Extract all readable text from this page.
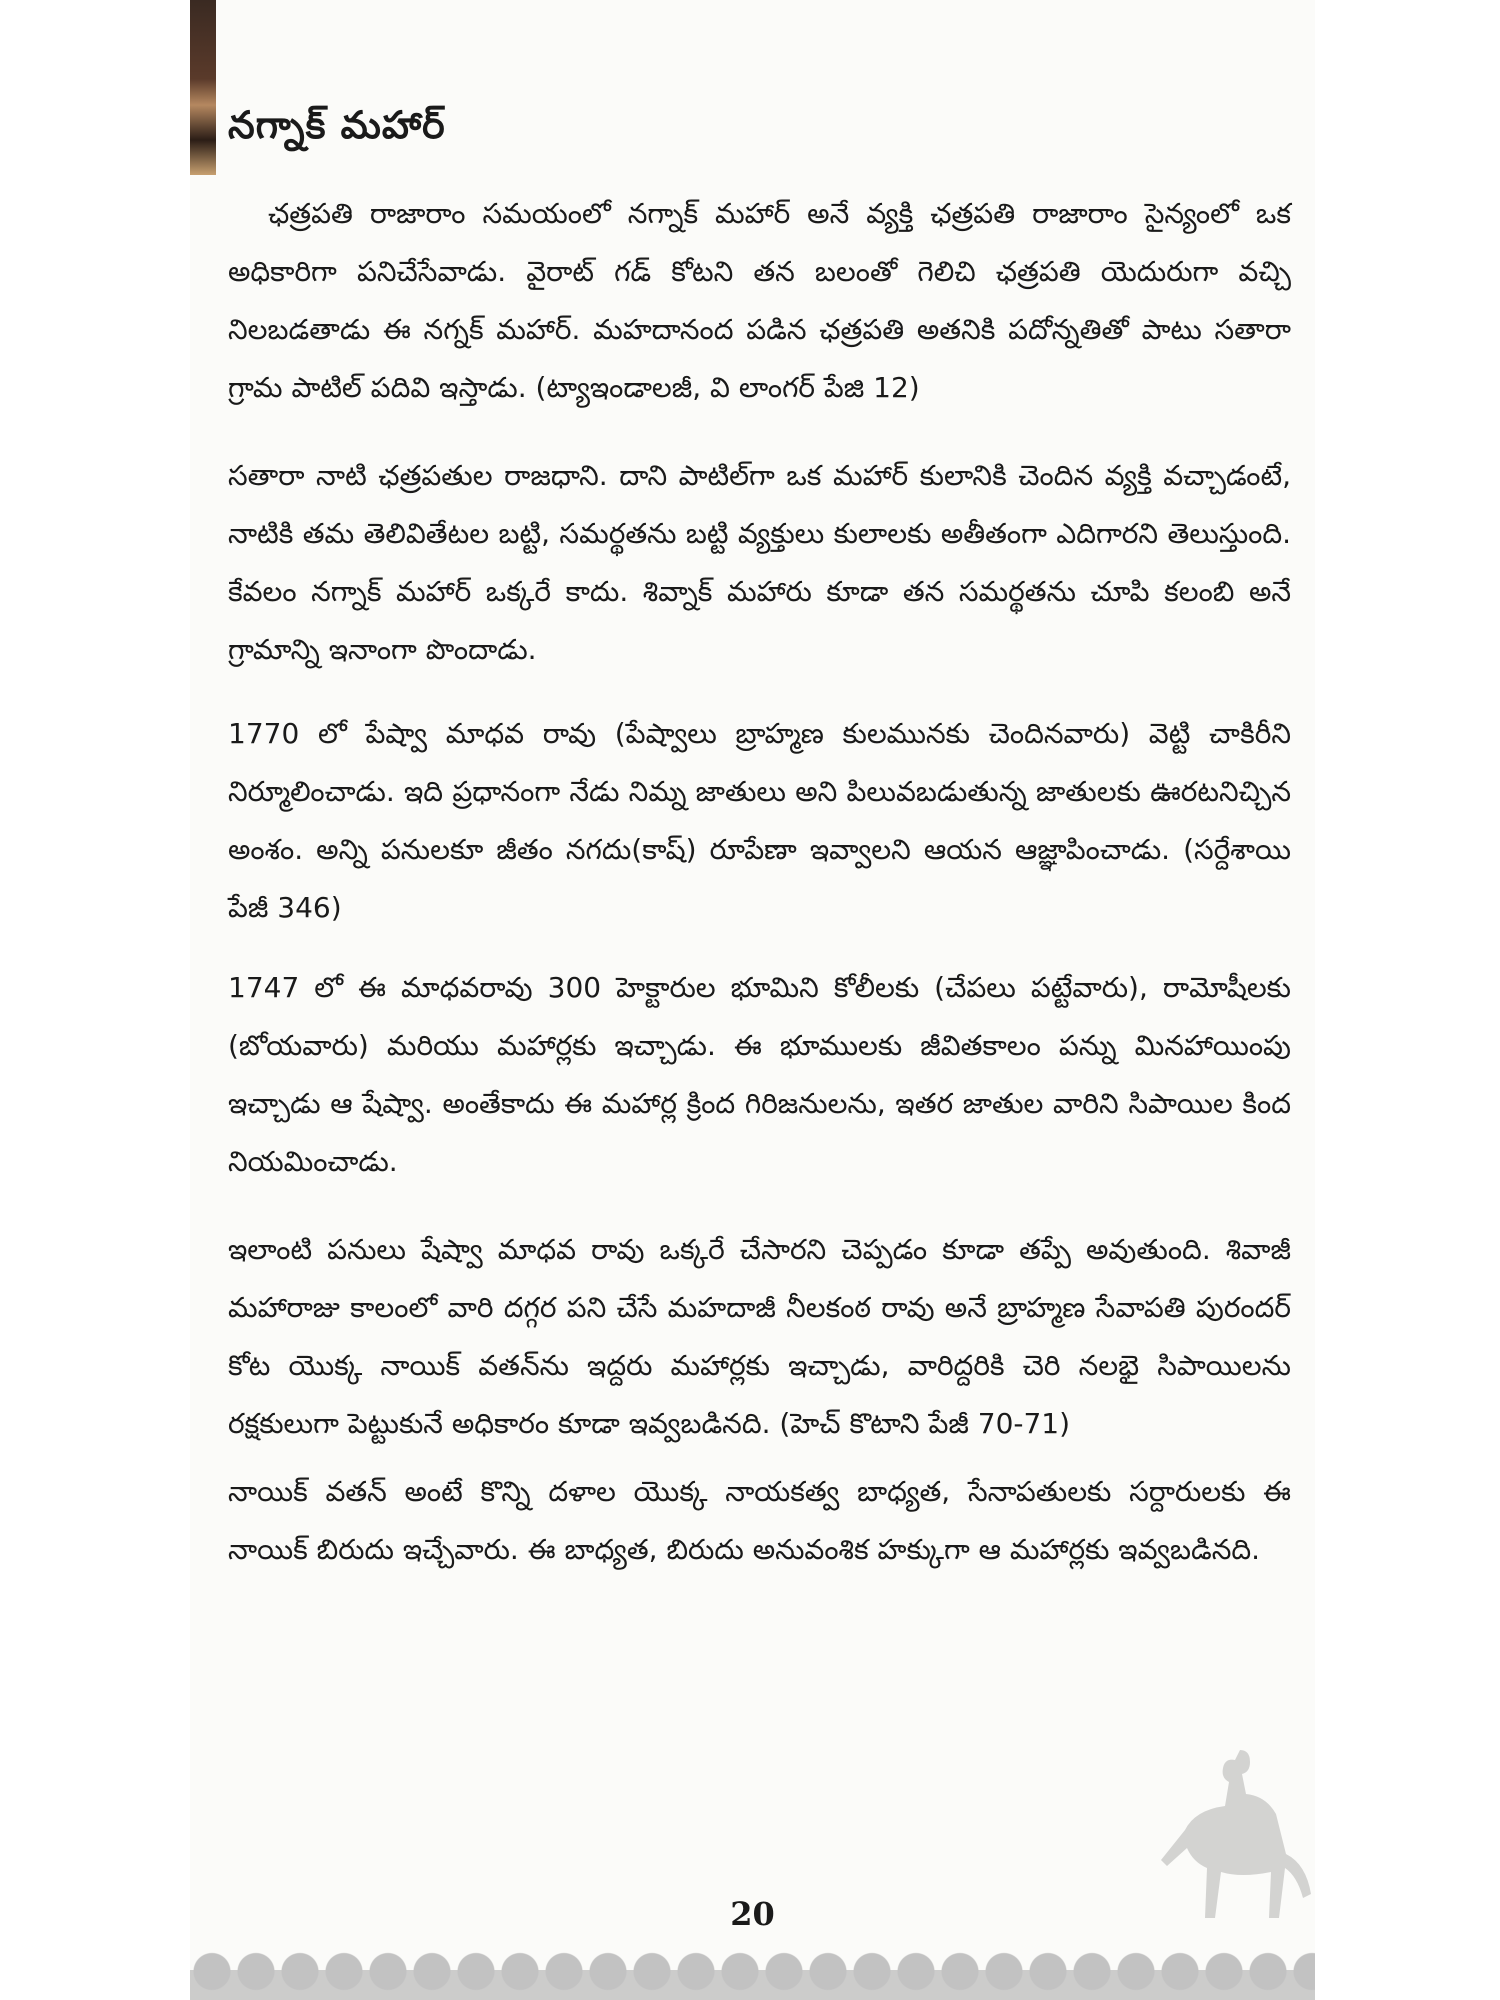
నగ్నాక్ మహార్

ఛత్రపతి రాజారాం సమయంలో నగ్నాక్ మహార్ అనే వ్యక్తి ఛత్రపతి రాజారాం సైన్యంలో ఒక అధికారిగా పనిచేసేవాడు. వైరాట్ గడ్ కోటని తన బలంతో గెలిచి ఛత్రపతి యెదురుగా వచ్చి నిలబడతాడు ఈ నగ్నక్ మహార్. మహదానంద పడిన ఛత్రపతి అతనికి పదోన్నతితో పాటు సతారా గ్రామ పాటిల్ పదివి ఇస్తాడు. (ట్యాఇండాలజీ, వి లాంగర్ పేజి 12)

సతారా నాటి ఛత్రపతుల రాజధాని. దాని పాటిల్‌గా ఒక మహార్ కులానికి చెందిన వ్యక్తి వచ్చాడంటే, నాటికి తమ తెలివితేటల బట్టి, సమర్థతను బట్టి వ్యక్తులు కులాలకు అతీతంగా ఎదిగారని తెలుస్తుంది. కేవలం నగ్నాక్ మహార్ ఒక్కరే కాదు. శివ్నాక్ మహారు కూడా తన సమర్థతను చూపి కలంబి అనే గ్రామాన్ని ఇనాంగా పొందాడు.

1770 లో పేష్వా మాధవ రావు (పేష్వాలు బ్రాహ్మణ కులమునకు చెందినవారు) వెట్టి చాకిరీని నిర్మూలించాడు. ఇది ప్రధానంగా నేడు నిమ్న జాతులు అని పిలువబడుతున్న జాతులకు ఊరటనిచ్చిన అంశం. అన్ని పనులకూ జీతం నగదు(కాష్) రూపేణా ఇవ్వాలని ఆయన ఆజ్ఞాపించాడు. (సర్దేశాయి పేజీ 346)

1747 లో ఈ మాధవరావు 300 హెక్టారుల భూమిని కోలీలకు (చేపలు పట్టేవారు), రామోషీలకు (బోయవారు) మరియు మహార్లకు ఇచ్చాడు. ఈ భూములకు జీవితకాలం పన్ను మినహాయింపు ఇచ్చాడు ఆ షేష్వా. అంతేకాదు ఈ మహార్ల క్రింద గిరిజనులను, ఇతర జాతుల వారిని సిపాయిల కింద నియమించాడు.

ఇలాంటి పనులు షేష్వా మాధవ రావు ఒక్కరే చేసారని చెప్పడం కూడా తప్పే అవుతుంది. శివాజీ మహారాజు కాలంలో వారి దగ్గర పని చేసే మహదాజీ నీలకంఠ రావు అనే బ్రాహ్మణ సేవాపతి పురందర్ కోట యొక్క నాయిక్ వతన్‌ను ఇద్దరు మహార్లకు ఇచ్చాడు, వారిద్దరికి చెరి నలభై సిపాయిలను రక్షకులుగా పెట్టుకునే అధికారం కూడా ఇవ్వబడినది. (హెచ్ కొటాని పేజీ 70-71)

నాయిక్ వతన్ అంటే కొన్ని దళాల యొక్క నాయకత్వ బాధ్యత, సేనాపతులకు సర్దారులకు ఈ నాయిక్ బిరుదు ఇచ్చేవారు. ఈ బాధ్యత, బిరుదు అనువంశిక హక్కుగా ఆ మహార్లకు ఇవ్వబడినది.

20
